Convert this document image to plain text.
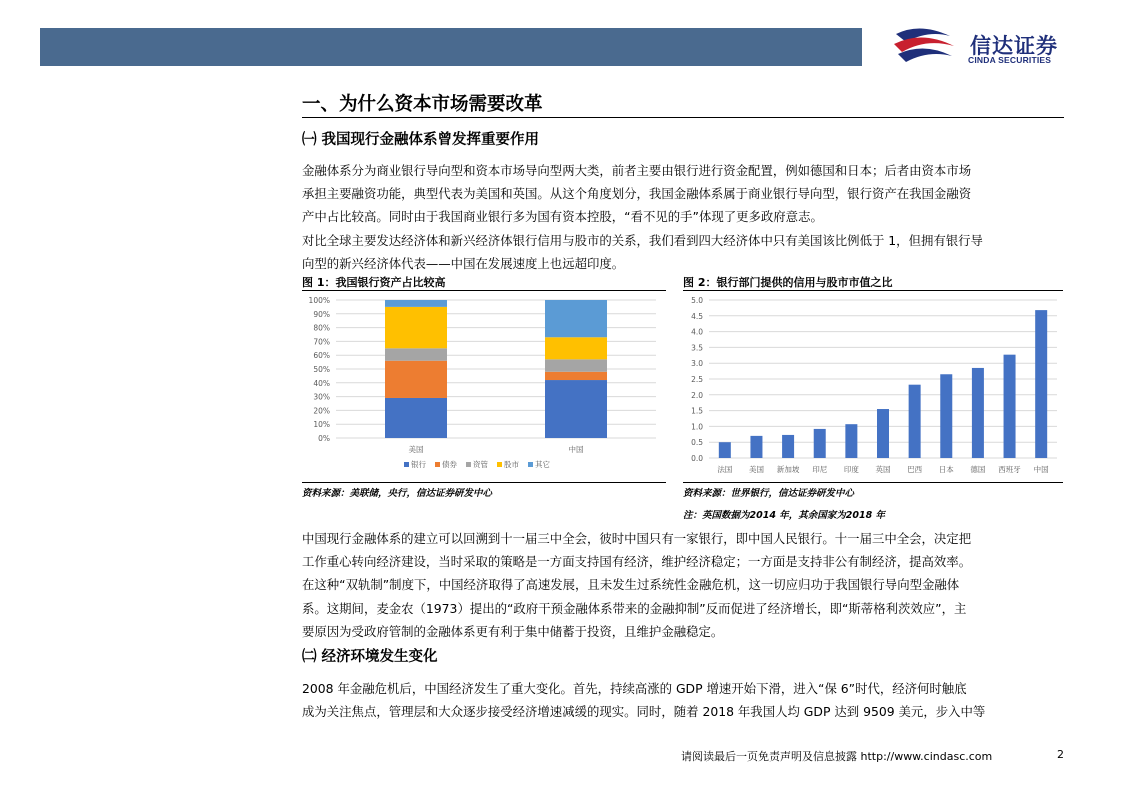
信达证券
CINDA SECURITIES
一、为什么资本市场需要改革
㈠ 我国现行金融体系曾发挥重要作用
金融体系分为商业银行导向型和资本市场导向型两大类，前者主要由银行进行资金配置，例如德国和日本；后者由资本市场
承担主要融资功能，典型代表为美国和英国。从这个角度划分，我国金融体系属于商业银行导向型，银行资产在我国金融资
产中占比较高。同时由于我国商业银行多为国有资本控股，“看不见的手”体现了更多政府意志。
对比全球主要发达经济体和新兴经济体银行信用与股市的关系，我们看到四大经济体中只有美国该比例低于 1，但拥有银行导
向型的新兴经济体代表——中国在发展速度上也远超印度。
图 1：我国银行资产占比较高
0%
10%
20%
30%
40%
50%
60%
70%
80%
90%
100%
美国	中国
银行 债券 资管 股市 其它
资料来源：美联储，央行，信达证券研发中心
图 2：银行部门提供的信用与股市市值之比
0.0
0.5
1.0
1.5
2.0
2.5
3.0
3.5
4.0
4.5
5.0
法国 美国 新加坡 印尼 印度 英国 巴西 日本 德国 西班牙 中国
资料来源：世界银行，信达证券研发中心
注：英国数据为2014 年，其余国家为2018 年
中国现行金融体系的建立可以回溯到十一届三中全会，彼时中国只有一家银行，即中国人民银行。十一届三中全会，决定把
工作重心转向经济建设，当时采取的策略是一方面支持国有经济，维护经济稳定；一方面是支持非公有制经济，提高效率。
在这种“双轨制”制度下，中国经济取得了高速发展，且未发生过系统性金融危机，这一切应归功于我国银行导向型金融体
系。这期间，麦金农（1973）提出的“政府干预金融体系带来的金融抑制”反而促进了经济增长，即“斯蒂格利茨效应”，主
要原因为受政府管制的金融体系更有利于集中储蓄于投资，且维护金融稳定。
㈡ 经济环境发生变化
2008 年金融危机后，中国经济发生了重大变化。首先，持续高涨的 GDP 增速开始下滑，进入“保 6”时代，经济何时触底
成为关注焦点，管理层和大众逐步接受经济增速减缓的现实。同时，随着 2018 年我国人均 GDP 达到 9509 美元，步入中等
请阅读最后一页免责声明及信息披露 http://www.cindasc.com	2
